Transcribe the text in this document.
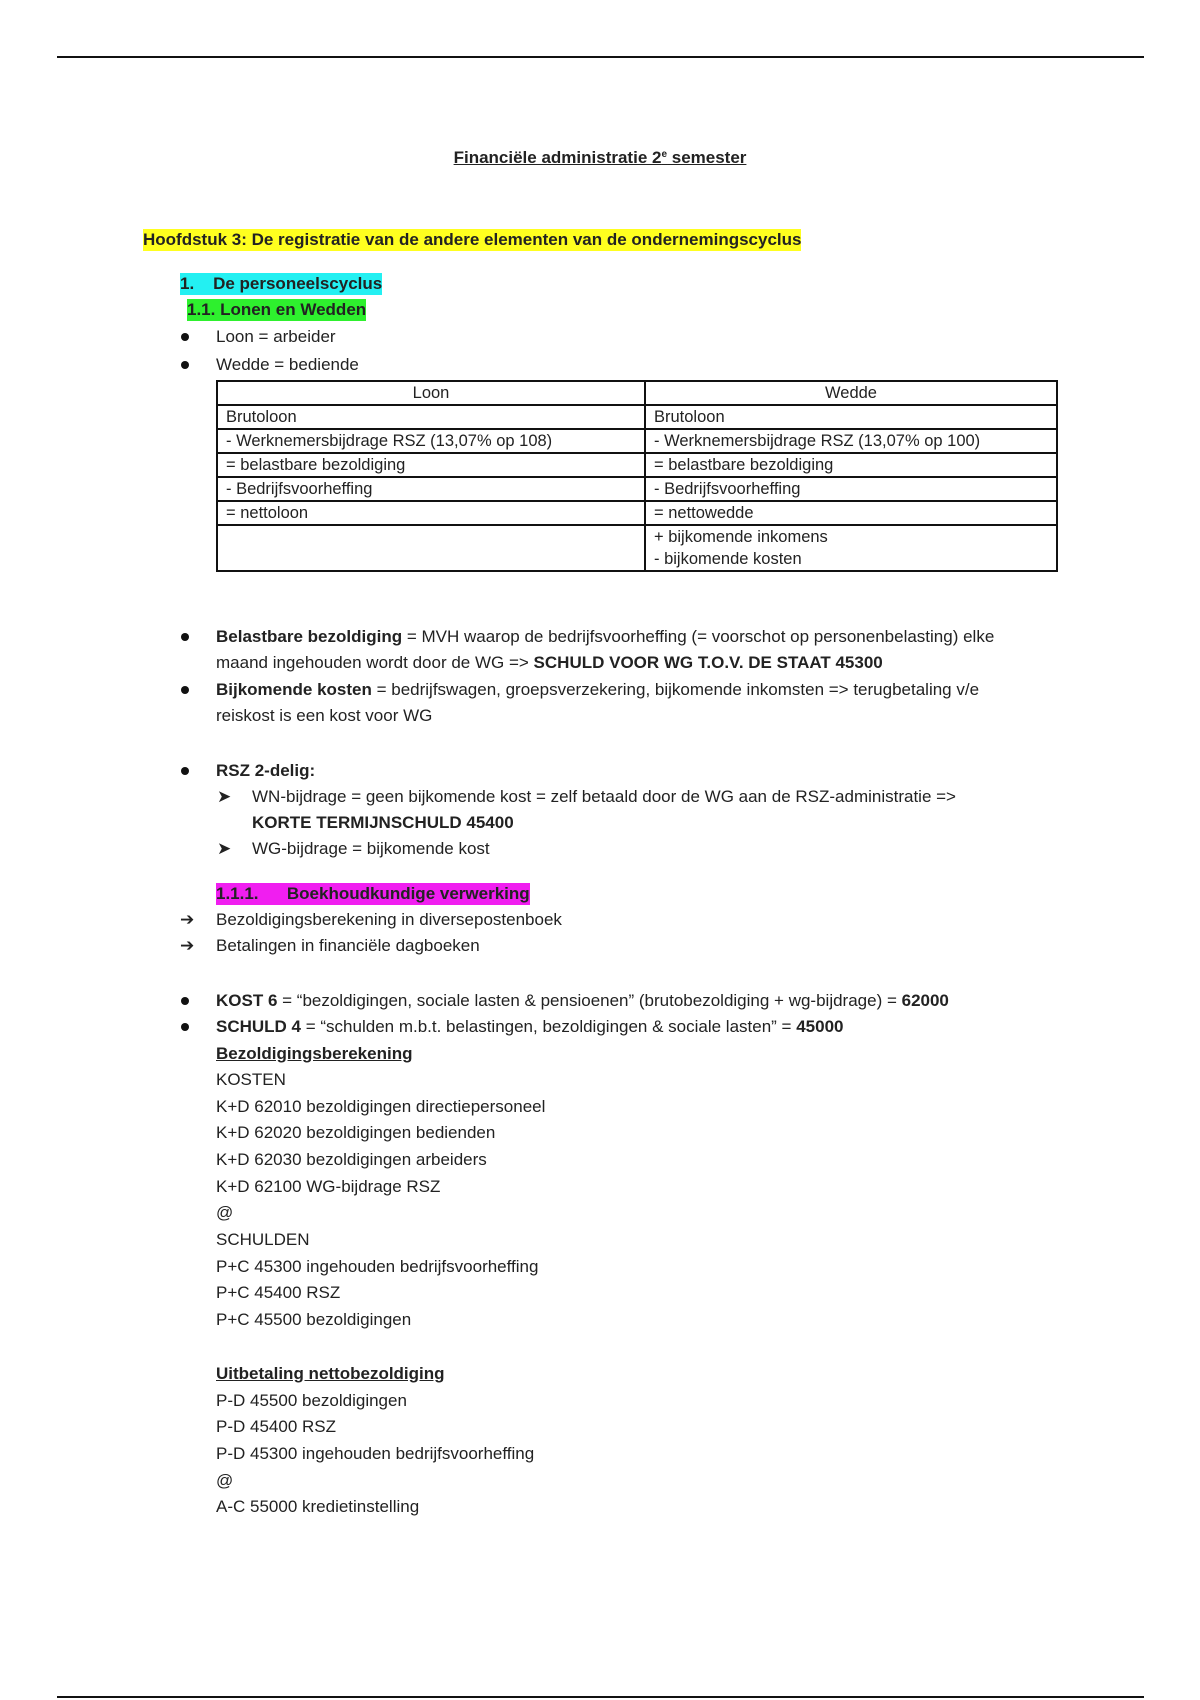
Financiële administratie 2e semester
Hoofdstuk 3: De registratie van de andere elementen van de ondernemingscyclus
1.    De personeelscyclus
1.1. Lonen en Wedden
Loon = arbeider
Wedde = bediende
Loon	Wedde
Brutoloon	Brutoloon
- Werknemersbijdrage RSZ (13,07% op 108)	- Werknemersbijdrage RSZ (13,07% op 100)
= belastbare bezoldiging	= belastbare bezoldiging
- Bedrijfsvoorheffing	- Bedrijfsvoorheffing
= nettoloon	= nettowedde

	+ bijkomende inkomens
- bijkomende kosten
Belastbare bezoldiging = MVH waarop de bedrijfsvoorheffing (= voorschot op personenbelasting) elke
maand ingehouden wordt door de WG => SCHULD VOOR WG T.O.V. DE STAAT 45300
Bijkomende kosten = bedrijfswagen, groepsverzekering, bijkomende inkomsten => terugbetaling v/e
reiskost is een kost voor WG
RSZ 2-delig:
➤ WN-bijdrage = geen bijkomende kost = zelf betaald door de WG aan de RSZ-administratie =>
KORTE TERMIJNSCHULD 45400
➤ WG-bijdrage = bijkomende kost
1.1.1.      Boekhoudkundige verwerking
➔ Bezoldigingsberekening in diversepostenboek
➔ Betalingen in financiële dagboeken
KOST 6 = “bezoldigingen, sociale lasten & pensioenen” (brutobezoldiging + wg-bijdrage) = 62000
SCHULD 4 = “schulden m.b.t. belastingen, bezoldigingen & sociale lasten” = 45000
Bezoldigingsberekening
KOSTEN
K+D 62010 bezoldigingen directiepersoneel
K+D 62020 bezoldigingen bedienden
K+D 62030 bezoldigingen arbeiders
K+D 62100 WG-bijdrage RSZ
@
SCHULDEN
P+C 45300 ingehouden bedrijfsvoorheffing
P+C 45400 RSZ
P+C 45500 bezoldigingen
Uitbetaling nettobezoldiging
P-D 45500 bezoldigingen
P-D 45400 RSZ
P-D 45300 ingehouden bedrijfsvoorheffing
@
A-C 55000 kredietinstelling
